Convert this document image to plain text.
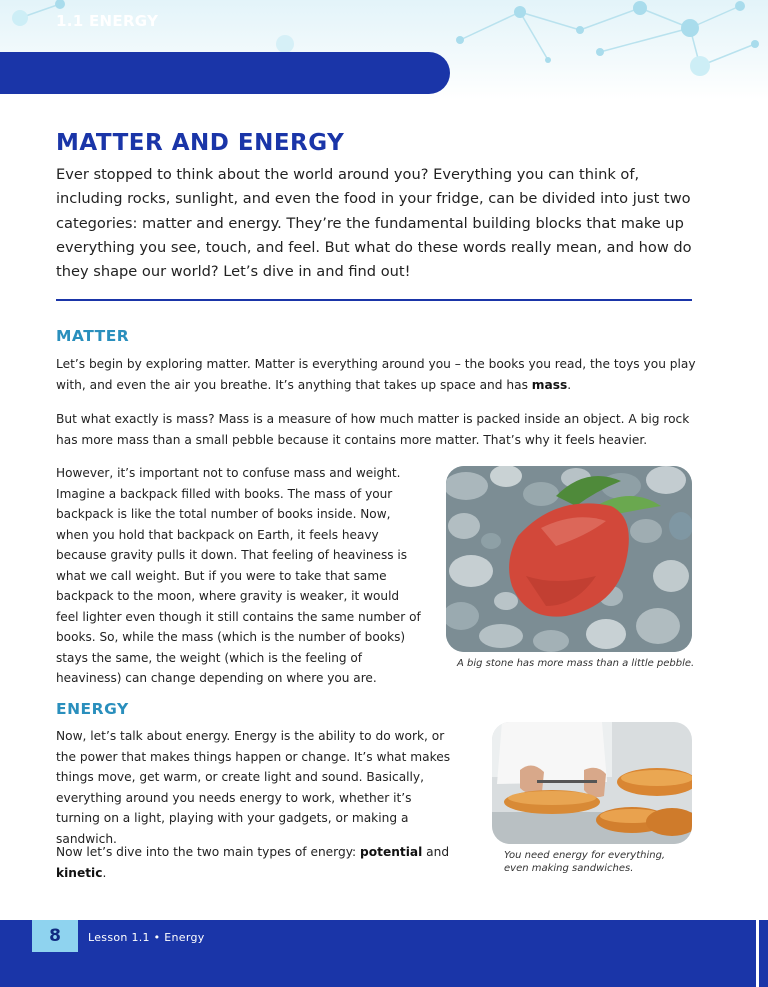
1.1 ENERGY
MATTER AND ENERGY

Ever stopped to think about the world around you? Everything you can think of, including rocks, sunlight, and even the food in your fridge, can be divided into just two categories: matter and energy. They’re the fundamental building blocks that make up everything you see, touch, and feel. But what do these words really mean, and how do they shape our world? Let’s dive in and find out!

MATTER

Let’s begin by exploring matter. Matter is everything around you – the books you read, the toys you play with, and even the air you breathe. It’s anything that takes up space and has mass.

But what exactly is mass? Mass is a measure of how much matter is packed inside an object. A big rock has more mass than a small pebble because it contains more matter. That’s why it feels heavier.

However, it’s important not to confuse mass and weight. Imagine a backpack filled with books. The mass of your backpack is like the total number of books inside. Now, when you hold that backpack on Earth, it feels heavy because gravity pulls it down. That feeling of heaviness is what we call weight. But if you were to take that same backpack to the moon, where gravity is weaker, it would feel lighter even though it still contains the same number of books. So, while the mass (which is the number of books) stays the same, the weight (which is the feeling of heaviness) can change depending on where you are.

A big stone has more mass than a little pebble.
ENERGY

Now, let’s talk about energy. Energy is the ability to do work, or the power that makes things happen or change. It’s what makes things move, get warm, or create light and sound. Basically, everything around you needs energy to work, whether it’s turning on a light, playing with your gadgets, or making a sandwich.

Now let’s dive into the two main types of energy: potential and kinetic.

You need energy for everything, even making sandwiches.
8	Lesson 1.1 • Energy
